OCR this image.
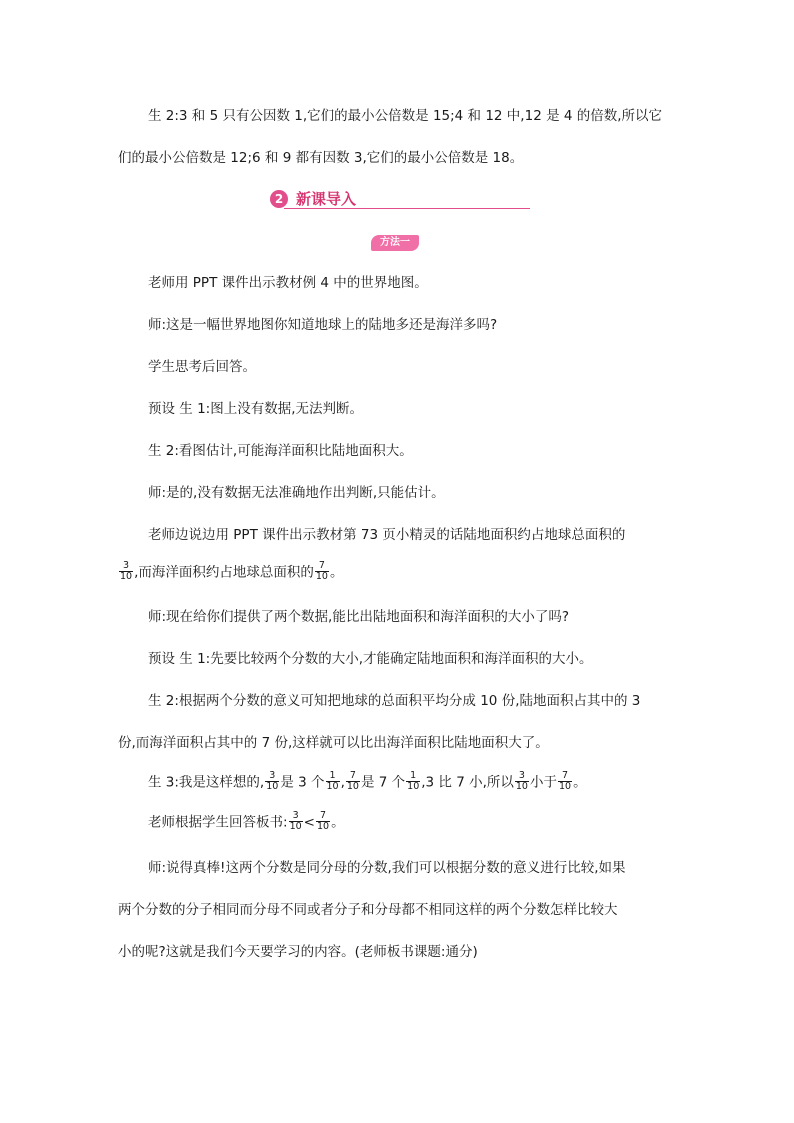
生 2:3 和 5 只有公因数 1,它们的最小公倍数是 15;4 和 12 中,12 是 4 的倍数,所以它
们的最小公倍数是 12;6 和 9 都有因数 3,它们的最小公倍数是 18。
2 新课导入
方法一
老师用 PPT 课件出示教材例 4 中的世界地图。
师:这是一幅世界地图你知道地球上的陆地多还是海洋多吗?
学生思考后回答。
预设 生 1:图上没有数据,无法判断。
生 2:看图估计,可能海洋面积比陆地面积大。
师:是的,没有数据无法准确地作出判断,只能估计。
老师边说边用 PPT 课件出示教材第 73 页小精灵的话陆地面积约占地球总面积的
$\frac{3}{10}$ ,而海洋面积约占地球总面积的 $\frac{7}{10}$ 。
师:现在给你们提供了两个数据,能比出陆地面积和海洋面积的大小了吗?
预设 生 1:先要比较两个分数的大小,才能确定陆地面积和海洋面积的大小。
生 2:根据两个分数的意义可知把地球的总面积平均分成 10 份,陆地面积占其中的 3
份,而海洋面积占其中的 7 份,这样就可以比出海洋面积比陆地面积大了。
生 3:我是这样想的, $\frac{3}{10}$ 是 3 个 $\frac{1}{10}$ , $\frac{7}{10}$ 是 7 个 $\frac{1}{10} ,3$ 比 7 小,所以 $\frac{3}{10}$ 小于 $\frac{7}{10}$ 。
老师根据学生回答板书: $\frac{3}{10} < \frac{7}{10}$ 。
师:说得真棒!这两个分数是同分母的分数,我们可以根据分数的意义进行比较,如果
两个分数的分子相同而分母不同或者分子和分母都不相同这样的两个分数怎样比较大
小的呢?这就是我们今天要学习的内容。(老师板书课题:通分)
